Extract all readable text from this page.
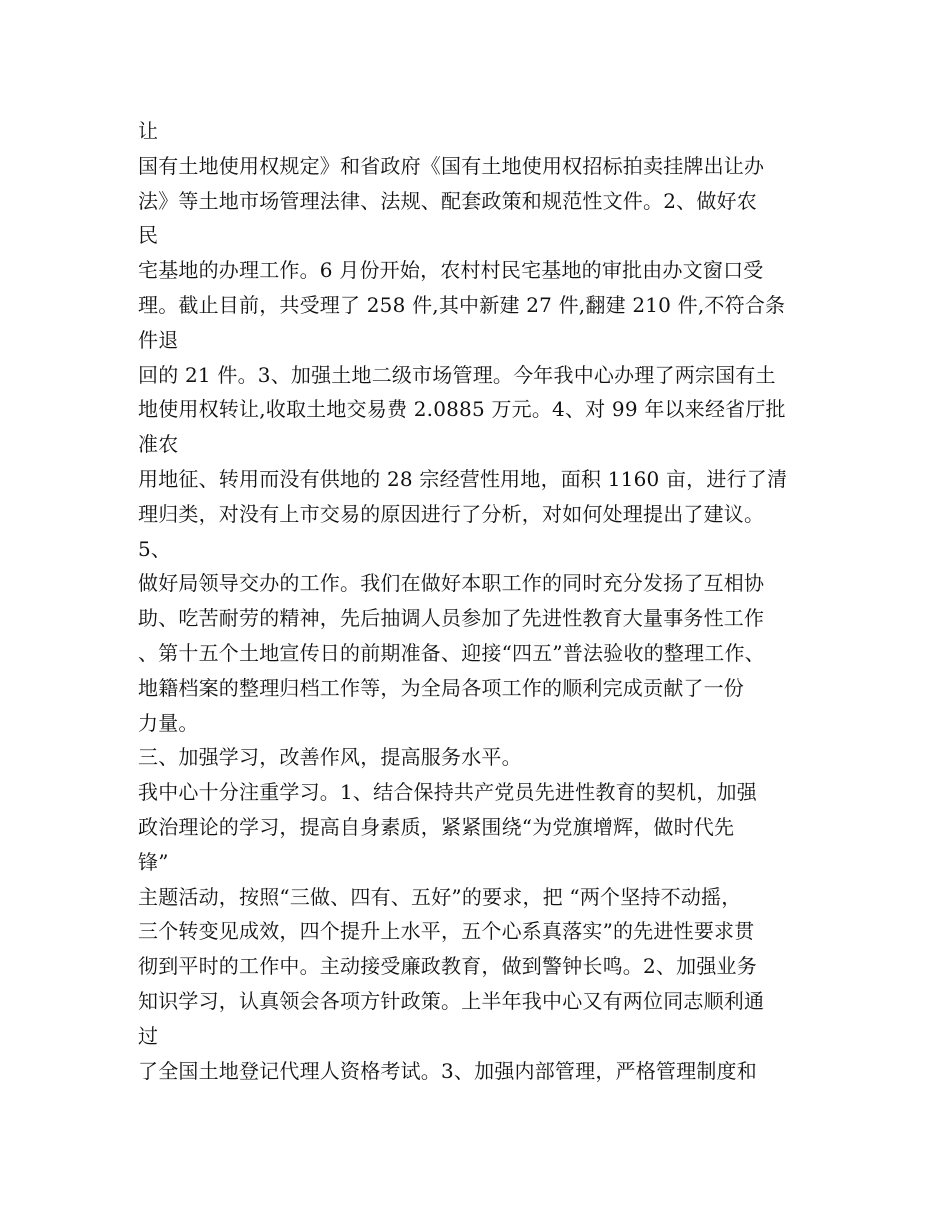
让
国有土地使用权规定》和省政府《国有土地使用权招标拍卖挂牌出让办
法》等土地市场管理法律、法规、配套政策和规范性文件。2、做好农
民
宅基地的办理工作。6 月份开始，农村村民宅基地的审批由办文窗口受
理。截止目前，共受理了 258 件,其中新建 27 件,翻建 210 件,不符合条
件退
回的 21 件。3、加强土地二级市场管理。今年我中心办理了两宗国有土
地使用权转让,收取土地交易费 2.0885 万元。4、对 99 年以来经省厅批
准农
用地征、转用而没有供地的 28 宗经营性用地，面积 1160 亩，进行了清
理归类，对没有上市交易的原因进行了分析，对如何处理提出了建议。
5、
做好局领导交办的工作。我们在做好本职工作的同时充分发扬了互相协
助、吃苦耐劳的精神，先后抽调人员参加了先进性教育大量事务性工作
、第十五个土地宣传日的前期准备、迎接“四五”普法验收的整理工作、
地籍档案的整理归档工作等，为全局各项工作的顺利完成贡献了一份
力量。
三、加强学习，改善作风，提高服务水平。
我中心十分注重学习。1、结合保持共产党员先进性教育的契机，加强
政治理论的学习，提高自身素质，紧紧围绕“为党旗增辉，做时代先
锋”
主题活动，按照“三做、四有、五好”的要求，把 “两个坚持不动摇，
三个转变见成效，四个提升上水平，五个心系真落实”的先进性要求贯
彻到平时的工作中。主动接受廉政教育，做到警钟长鸣。2、加强业务
知识学习，认真领会各项方针政策。上半年我中心又有两位同志顺利通
过
了全国土地登记代理人资格考试。3、加强内部管理，严格管理制度和
